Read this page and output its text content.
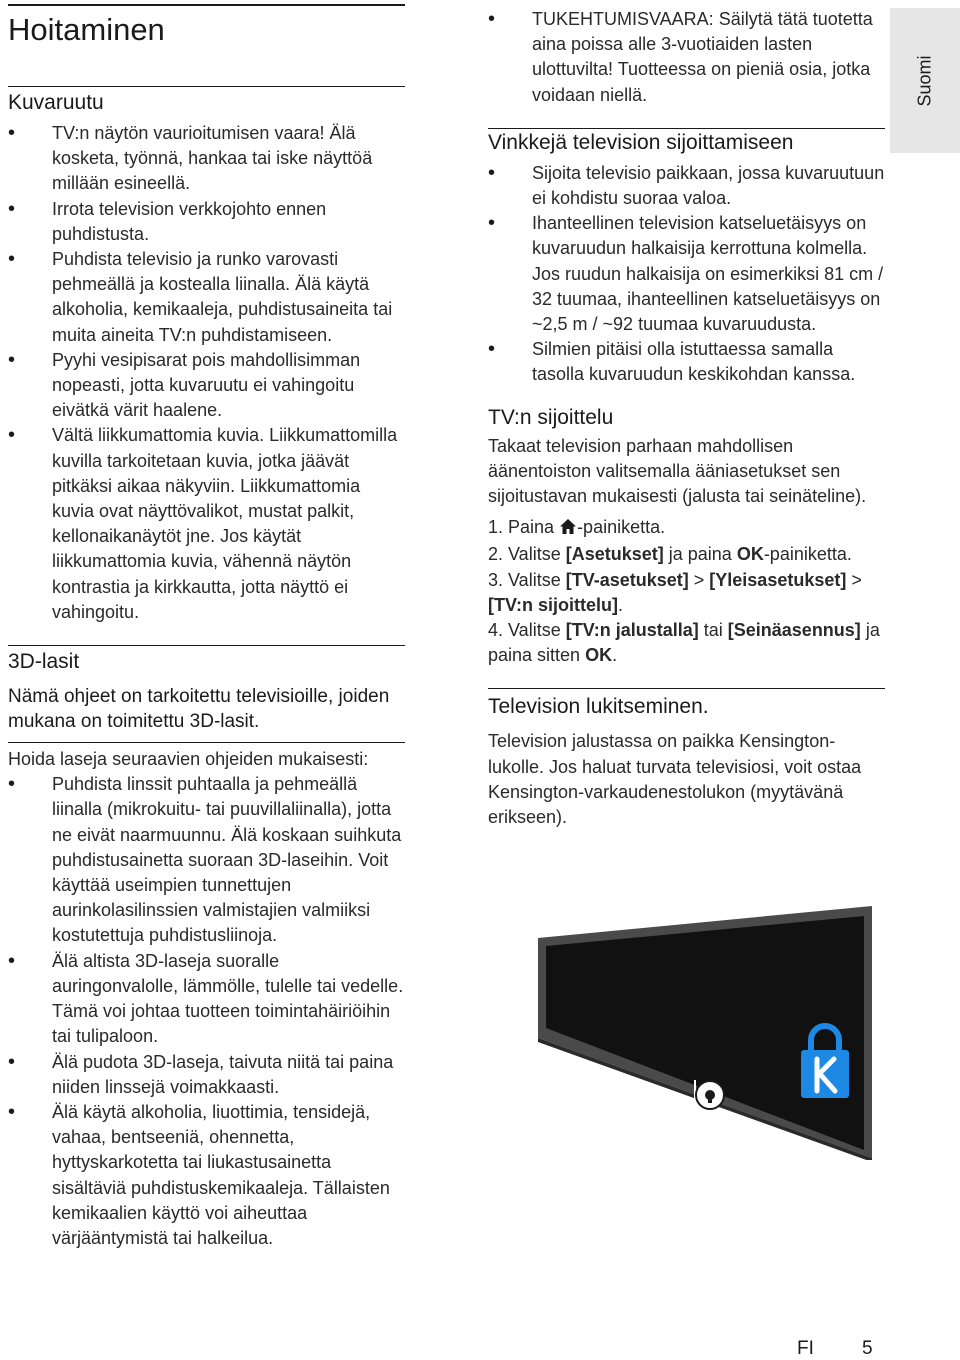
Hoitaminen
Kuvaruutu
• TV:n näytön vaurioitumisen vaara! Älä kosketa, työnnä, hankaa tai iske näyttöä millään esineellä.
• Irrota television verkkojohto ennen puhdistusta.
• Puhdista televisio ja runko varovasti pehmeällä ja kostealla liinalla. Älä käytä alkoholia, kemikaaleja, puhdistusaineita tai muita aineita TV:n puhdistamiseen.
• Pyyhi vesipisarat pois mahdollisimman nopeasti, jotta kuvaruutu ei vahingoitu eivätkä värit haalene.
• Vältä liikkumattomia kuvia. Liikkumattomilla kuvilla tarkoitetaan kuvia, jotka jäävät pitkäksi aikaa näkyviin. Liikkumattomia kuvia ovat näyttövalikot, mustat palkit, kellonaikanäytöt jne. Jos käytät liikkumattomia kuvia, vähennä näytön kontrastia ja kirkkautta, jotta näyttö ei vahingoitu.
3D-lasit
Nämä ohjeet on tarkoitettu televisioille, joiden mukana on toimitettu 3D-lasit.

Hoida laseja seuraavien ohjeiden mukaisesti:

• Puhdista linssit puhtaalla ja pehmeällä liinalla (mikrokuitu- tai puuvillaliinalla), jotta ne eivät naarmuunnu. Älä koskaan suihkuta puhdistusainetta suoraan 3D-laseihin. Voit käyttää useimpien tunnettujen aurinkolasilinssien valmistajien valmiiksi kostutettuja puhdistusliinoja.
• Älä altista 3D-laseja suoralle auringonvalolle, lämmölle, tulelle tai vedelle. Tämä voi johtaa tuotteen toimintahäiriöihin tai tulipaloon.
• Älä pudota 3D-laseja, taivuta niitä tai paina niiden linssejä voimakkaasti.
• Älä käytä alkoholia, liuottimia, tensidejä, vahaa, bentseeniä, ohennetta, hyttyskarkotetta tai liukastusainetta sisältäviä puhdistuskemikaaleja. Tällaisten kemikaalien käyttö voi aiheuttaa värjääntymistä tai halkeilua.
• TUKEHTUMISVAARA: Säilytä tätä tuotetta aina poissa alle 3-vuotiaiden lasten ulottuvilta! Tuotteessa on pieniä osia, jotka voidaan niellä.
Vinkkejä television sijoittamiseen
• Sijoita televisio paikkaan, jossa kuvaruutuun ei kohdistu suoraa valoa.
• Ihanteellinen television katseluetäisyys on kuvaruudun halkaisija kerrottuna kolmella. Jos ruudun halkaisija on esimerkiksi 81 cm / 32 tuumaa, ihanteellinen katseluetäisyys on ~2,5 m / ~92 tuumaa kuvaruudusta.
• Silmien pitäisi olla istuttaessa samalla tasolla kuvaruudun keskikohdan kanssa.
TV:n sijoittelu

Takaat television parhaan mahdollisen äänentoiston valitsemalla ääniasetukset sen sijoitustavan mukaisesti (jalusta tai seinäteline).

1. Paina -painiketta.
2. Valitse [Asetukset] ja paina OK-painiketta.
3. Valitse [TV-asetukset] > [Yleisasetukset] > [TV:n sijoittelu].
4. Valitse [TV:n jalustalla] tai [Seinäasennus] ja paina sitten OK.
Television lukitseminen.

Television jalustassa on paikka Kensington-lukolle. Jos haluat turvata televisiosi, voit ostaa Kensington-varkaudenestolukon (myytävänä erikseen).

Suomi
FI	5
